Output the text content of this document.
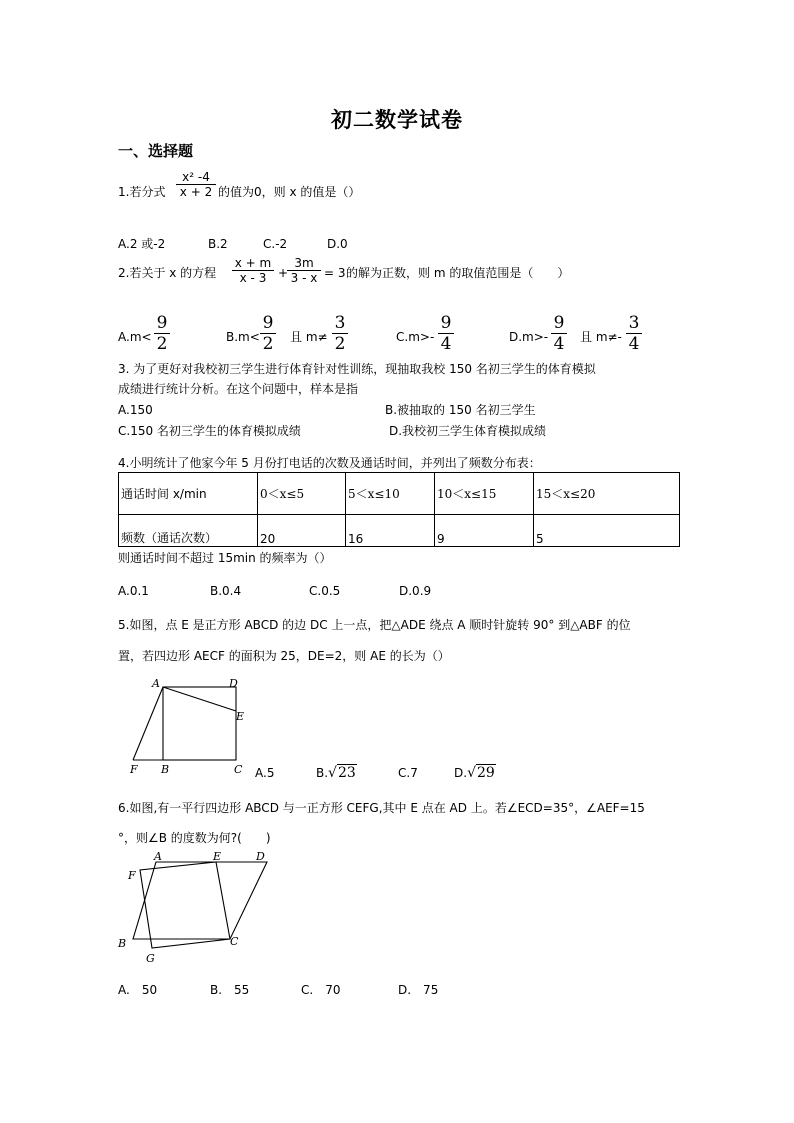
初二数学试卷
一、选择题
1.若分式
x² -4
x + 2 的值为0，则 x 的值是（）
A.2 或-2	B.2	C.-2	D.0
2.若关于 x 的方程
x + m
x - 3 +
3m
3 - x = 3 的解为正数，则 m 的取值范围是（　　）
A.m<
9
2	B.m<
9
2 且 m≠
3
2	C.m>-
9
4	D.m>-
9
4 且 m≠-
3
4
3. 为了更好对我校初三学生进行体育针对性训练，现抽取我校 150 名初三学生的体育模拟
成绩进行统计分析。在这个问题中，样本是指
A.150	B.被抽取的 150 名初三学生
C.150 名初三学生的体育模拟成绩	D.我校初三学生体育模拟成绩
4.小明统计了他家今年 5 月份打电话的次数及通话时间，并列出了频数分布表：
通话时间 x/min	0＜x≤5	5＜x≤10	10＜x≤15	15＜x≤20
频数（通话次数）	20	16	9	5
则通话时间不超过 15min 的频率为（）
A.0.1	B.0.4	C.0.5	D.0.9
5.如图，点 E 是正方形 ABCD 的边 DC 上一点，把△ADE 绕点 A 顺时针旋转 90° 到△ABF 的位
置，若四边形 AECF 的面积为 25，DE=2，则 AE 的长为（）
A	D
E
F B	C A.5	B.√23	C.7	D.√29
6.如图,有一平行四边形 ABCD 与一正方形 CEFG,其中 E 点在 AD 上。若∠ECD=35°，∠AEF=15
°，则∠B 的度数为何?(　　)
A	E	D
F
B	C
G
A.　50	B.　55	C.　70	D.　75
